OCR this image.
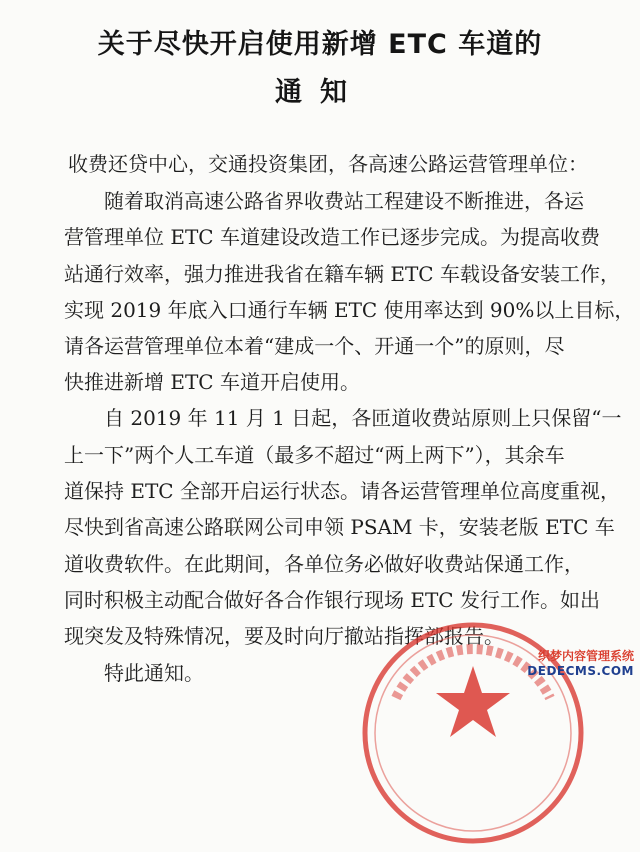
关于尽快开启使用新增 ETC 车道的
通知
收费还贷中心，交通投资集团，各高速公路运营管理单位：
随着取消高速公路省界收费站工程建设不断推进，各运
营管理单位 ETC 车道建设改造工作已逐步完成。为提高收费
站通行效率，强力推进我省在籍车辆 ETC 车载设备安装工作，
实现 2019 年底入口通行车辆 ETC 使用率达到 90%以上目标，
请各运营管理单位本着“建成一个、开通一个”的原则，尽
快推进新增 ETC 车道开启使用。
自 2019 年 11 月 1 日起，各匝道收费站原则上只保留“一
上一下”两个人工车道（最多不超过“两上两下”），其余车
道保持 ETC 全部开启运行状态。请各运营管理单位高度重视，
尽快到省高速公路联网公司申领 PSAM 卡，安装老版 ETC 车
道收费软件。在此期间，各单位务必做好收费站保通工作，
同时积极主动配合做好各合作银行现场 ETC 发行工作。如出
现突发及特殊情况，要及时向厅撤站指挥部报告。
特此通知。
织梦内容管理系统
DEDECMS.COM
